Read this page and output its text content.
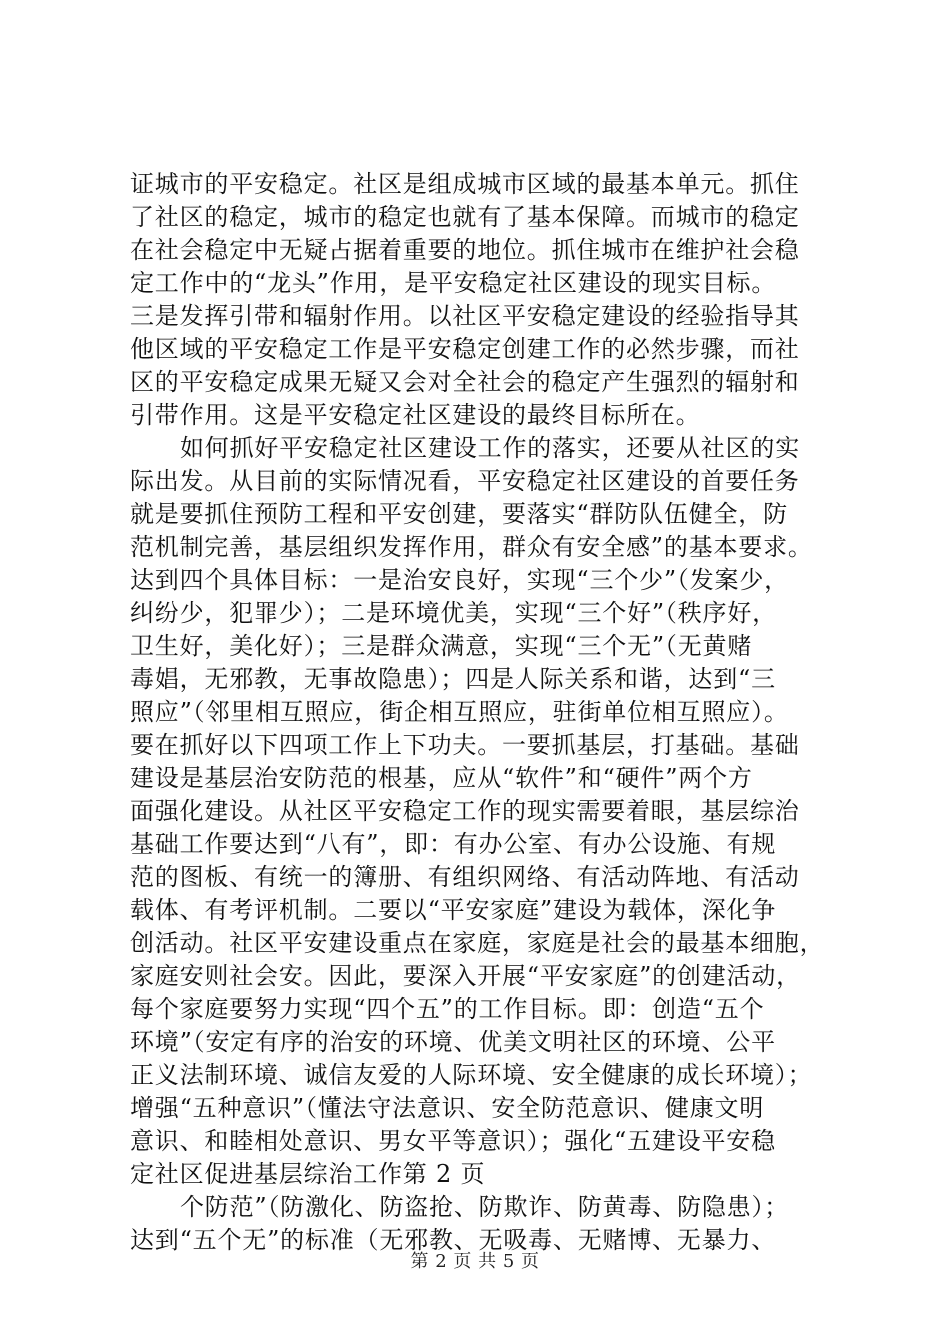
证城市的平安稳定。社区是组成城市区域的最基本单元。抓住
了社区的稳定，城市的稳定也就有了基本保障。而城市的稳定
在社会稳定中无疑占据着重要的地位。抓住城市在维护社会稳
定工作中的“龙头”作用，是平安稳定社区建设的现实目标。
三是发挥引带和辐射作用。以社区平安稳定建设的经验指导其
他区域的平安稳定工作是平安稳定创建工作的必然步骤，而社
区的平安稳定成果无疑又会对全社会的稳定产生强烈的辐射和
引带作用。这是平安稳定社区建设的最终目标所在。
如何抓好平安稳定社区建设工作的落实，还要从社区的实
际出发。从目前的实际情况看，平安稳定社区建设的首要任务
就是要抓住预防工程和平安创建，要落实“群防队伍健全，防
范机制完善，基层组织发挥作用，群众有安全感”的基本要求。
达到四个具体目标：一是治安良好，实现“三个少”（发案少，
纠纷少，犯罪少）；二是环境优美，实现“三个好”（秩序好，
卫生好，美化好）；三是群众满意，实现“三个无”（无黄赌
毒娼，无邪教，无事故隐患）；四是人际关系和谐，达到“三
照应”（邻里相互照应，街企相互照应，驻街单位相互照应）。
要在抓好以下四项工作上下功夫。一要抓基层，打基础。基础
建设是基层治安防范的根基，应从“软件”和“硬件”两个方
面强化建设。从社区平安稳定工作的现实需要着眼，基层综治
基础工作要达到“八有”，即：有办公室、有办公设施、有规
范的图板、有统一的簿册、有组织网络、有活动阵地、有活动
载体、有考评机制。二要以“平安家庭”建设为载体，深化争
创活动。社区平安建设重点在家庭，家庭是社会的最基本细胞，
家庭安则社会安。因此，要深入开展“平安家庭”的创建活动，
每个家庭要努力实现“四个五”的工作目标。即：创造“五个
环境”（安定有序的治安的环境、优美文明社区的环境、公平
正义法制环境、诚信友爱的人际环境、安全健康的成长环境）；
增强“五种意识”（懂法守法意识、安全防范意识、健康文明
意识、和睦相处意识、男女平等意识）；强化“五建设平安稳
定社区促进基层综治工作第 2 页
个防范”（防激化、防盗抢、防欺诈、防黄毒、防隐患）；
达到“五个无”的标准（无邪教、无吸毒、无赌博、无暴力、
第 2 页 共 5 页
